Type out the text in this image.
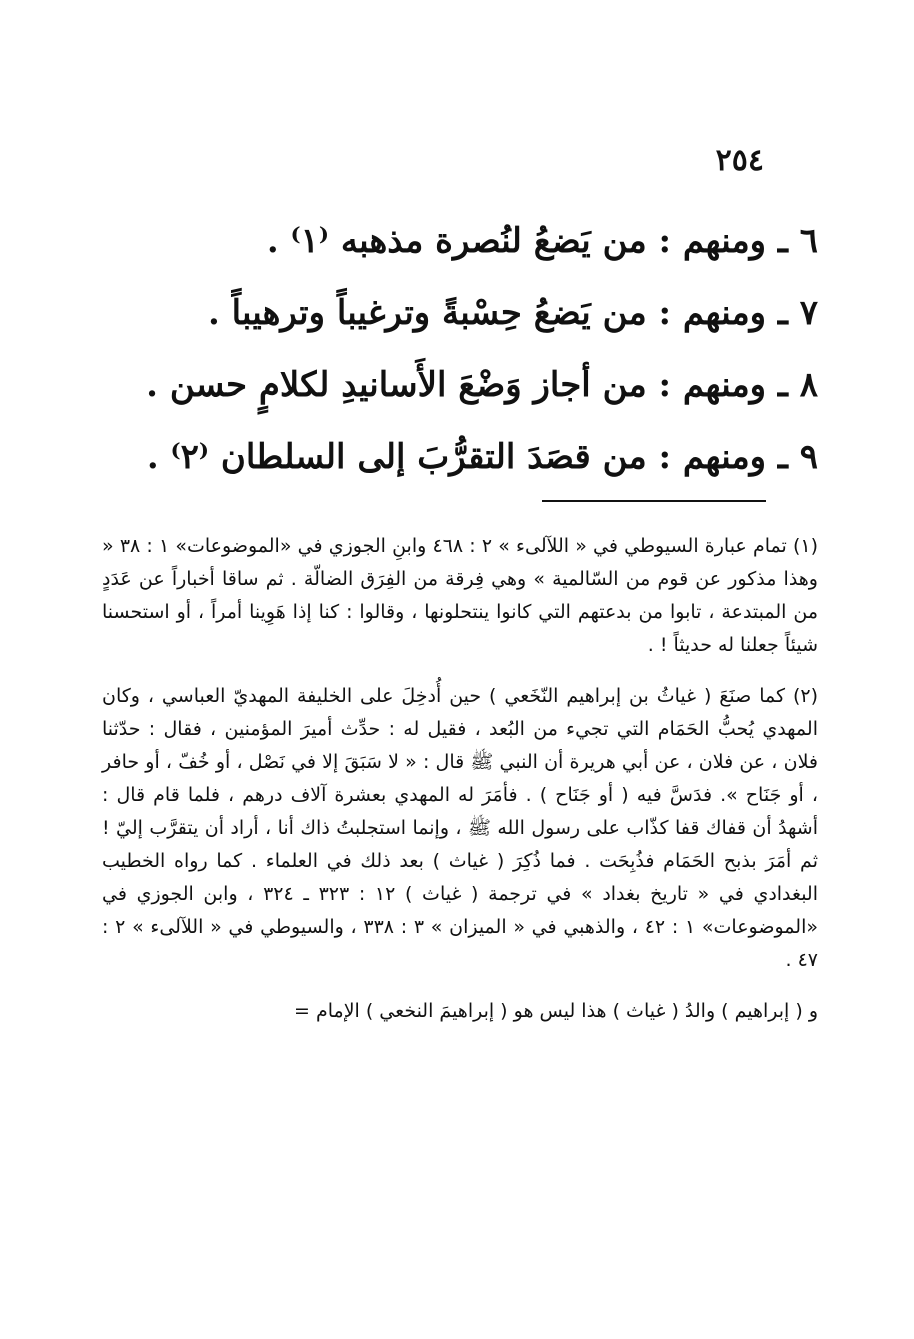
٢٥٤
٦ ـ ومنهم : من يَضعُ لنُصرة مذهبه ⁽١⁾ .
٧ ـ ومنهم : من يَضعُ حِسْبةً وترغيباً وترهيباً .
٨ ـ ومنهم : من أجاز وَضْعَ الأَسانيدِ لكلامٍ حسن .
٩ ـ ومنهم : من قصَدَ التقرُّبَ إلى السلطان ⁽٢⁾ .

(١) تمام عبارة السيوطي في « اللآلىء » ٢ : ٤٦٨ وابنِ الجوزي في «الموضوعات» ١ : ٣٨ « وهذا مذكور عن قوم من السّالمية » وهي فِرقة من الفِرَق الضالّة . ثم ساقا أخباراً عن عَدَدٍ من المبتدعة ، تابوا من بدعتهم التي كانوا ينتحلونها ، وقالوا : كنا إذا هَوِينا أمراً ، أو استحسنا شيئاً جعلنا له حديثاً ! .

(٢) كما صنَعَ ( غياثُ بن إبراهيم النّخَعي ) حين أُدخِلَ على الخليفة المهديّ العباسي ، وكان المهدي يُحبُّ الحَمَام التي تجيء من البُعد ، فقيل له : حدِّث أميرَ المؤمنين ، فقال : حدّثنا فلان ، عن فلان ، عن أبي هريرة أن النبي ﷺ قال : « لا سَبَقَ إلا في نَصْل ، أو خُفّ ، أو حافر ، أو جَنَاح ». فدَسَّ فيه ( أو جَنَاح ) . فأمَرَ له المهدي بعشرة آلاف درهم ، فلما قام قال : أشهدُ أن قفاك قفا كذّاب على رسول الله ﷺ ، وإنما استجلبتُ ذاك أنا ، أراد أن يتقرَّب إليّ ! ثم أمَرَ بذبح الحَمَام فذُبِحَت . فما ذُكِرَ ( غياث ) بعد ذلك في العلماء . كما رواه الخطيب البغدادي في « تاريخ بغداد » في ترجمة ( غياث ) ١٢ : ٣٢٣ ـ ٣٢٤ ، وابن الجوزي في «الموضوعات» ١ : ٤٢ ، والذهبي في « الميزان » ٣ : ٣٣٨ ، والسيوطي في « اللآلىء » ٢ : ٤٧ .

و ( إبراهيم ) والدُ ( غياث ) هذا ليس هو ( إبراهيمَ النخعي ) الإمام =
